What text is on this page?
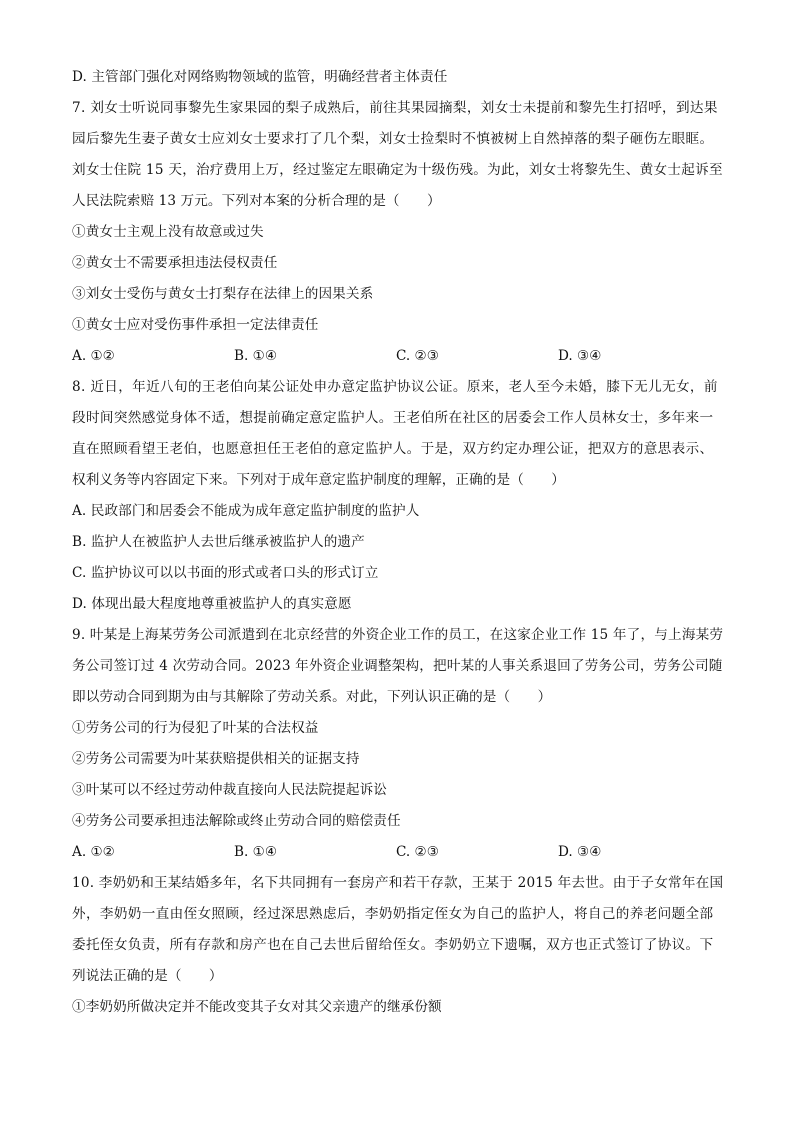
D. 主管部门强化对网络购物领域的监管，明确经营者主体责任
7. 刘女士听说同事黎先生家果园的梨子成熟后，前往其果园摘梨，刘女士未提前和黎先生打招呼，到达果
园后黎先生妻子黄女士应刘女士要求打了几个梨，刘女士捡梨时不慎被树上自然掉落的梨子砸伤左眼眶。
刘女士住院 15 天，治疗费用上万，经过鉴定左眼确定为十级伤残。为此，刘女士将黎先生、黄女士起诉至
人民法院索赔 13 万元。下列对本案的分析合理的是（　　）
①黄女士主观上没有故意或过失
②黄女士不需要承担违法侵权责任
③刘女士受伤与黄女士打梨存在法律上的因果关系
①黄女士应对受伤事件承担一定法律责任
A. ①②	B. ①④	C. ②③	D. ③④
8. 近日，年近八旬的王老伯向某公证处申办意定监护协议公证。原来，老人至今未婚，膝下无儿无女，前
段时间突然感觉身体不适，想提前确定意定监护人。王老伯所在社区的居委会工作人员林女士，多年来一
直在照顾看望王老伯，也愿意担任王老伯的意定监护人。于是，双方约定办理公证，把双方的意思表示、
权利义务等内容固定下来。下列对于成年意定监护制度的理解，正确的是（　　）
A. 民政部门和居委会不能成为成年意定监护制度的监护人
B. 监护人在被监护人去世后继承被监护人的遗产
C. 监护协议可以以书面的形式或者口头的形式订立
D. 体现出最大程度地尊重被监护人的真实意愿
9. 叶某是上海某劳务公司派遣到在北京经营的外资企业工作的员工，在这家企业工作 15 年了，与上海某劳
务公司签订过 4 次劳动合同。2023 年外资企业调整架构，把叶某的人事关系退回了劳务公司，劳务公司随
即以劳动合同到期为由与其解除了劳动关系。对此，下列认识正确的是（　　）
①劳务公司的行为侵犯了叶某的合法权益
②劳务公司需要为叶某获赔提供相关的证据支持
③叶某可以不经过劳动仲裁直接向人民法院提起诉讼
④劳务公司要承担违法解除或终止劳动合同的赔偿责任
A. ①②	B. ①④	C. ②③	D. ③④
10. 李奶奶和王某结婚多年，名下共同拥有一套房产和若干存款，王某于 2015 年去世。由于子女常年在国
外，李奶奶一直由侄女照顾，经过深思熟虑后，李奶奶指定侄女为自己的监护人，将自己的养老问题全部
委托侄女负责，所有存款和房产也在自己去世后留给侄女。李奶奶立下遗嘱，双方也正式签订了协议。下
列说法正确的是（　　）
①李奶奶所做决定并不能改变其子女对其父亲遗产的继承份额
